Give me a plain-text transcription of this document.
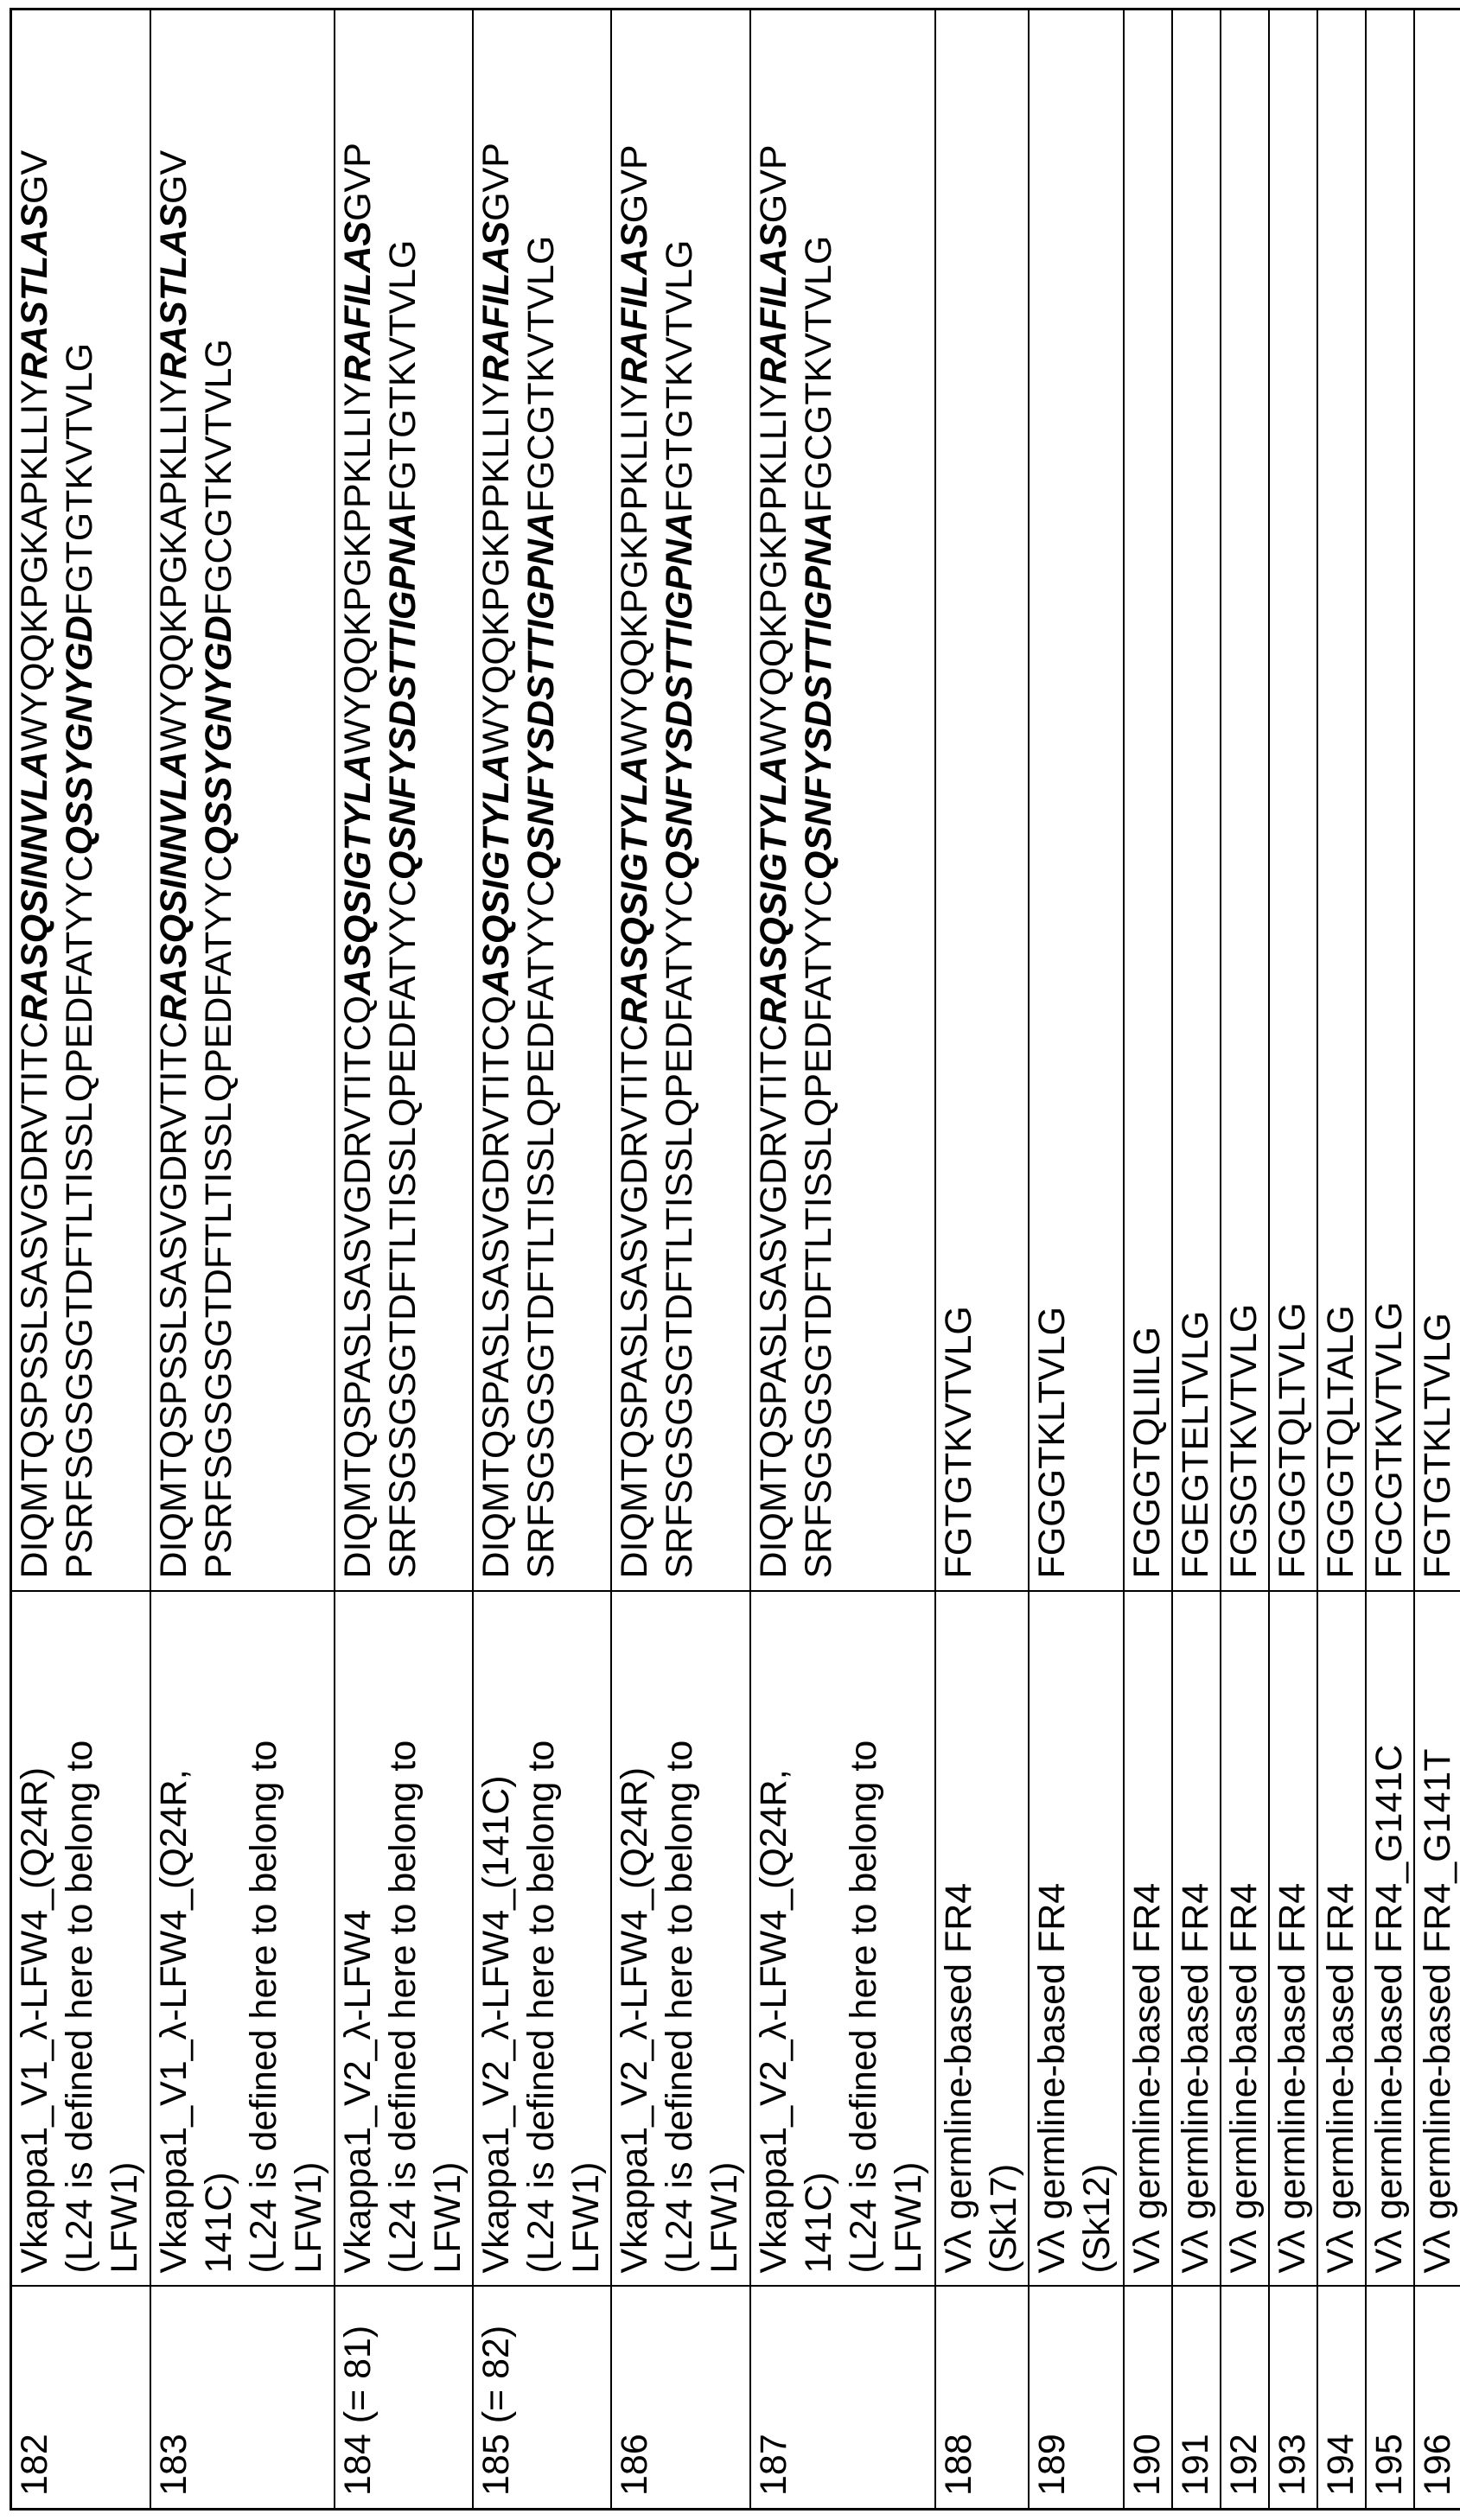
182

Vkappa1_V1_λ-LFW4_(Q24R) (L24 is defined here to belong to LFW1)

DIQMTQSPSSLSASVGDRVTITCRASQSINNVLAWYQQKPGKAPKLLIYRASTLASGV
PSRFSGSGSGTDFTLTISSLQPEDFATYYCQSSYGNYGDFGTGTKVTVLG

183

Vkappa1_V1_λ-LFW4_(Q24R, 141C) (L24 is defined here to belong to LFW1)

DIQMTQSPSSLSASVGDRVTITCRASQSINNVLAWYQQKPGKAPKLLIYRASTLASGV
PSRFSGSGSGTDFTLTISSLQPEDFATYYCQSSYGNYGDFGCGTKVTVLG

184 (= 81)

Vkappa1_V2_λ-LFW4 (L24 is defined here to belong to LFW1)

DIQMTQSPASLSASVGDRVTITCQASQSIGTYLAWYQQKPGKPPKLLIYRAFILASGVP
SRFSGSGSGTDFTLTISSLQPEDFATYYCQSNFYSDSTTIGPNAFGTGTKVTVLG

185 (= 82)

Vkappa1_V2_λ-LFW4_(141C) (L24 is defined here to belong to LFW1)

DIQMTQSPASLSASVGDRVTITCQASQSIGTYLAWYQQKPGKPPKLLIYRAFILASGVP
SRFSGSGSGTDFTLTISSLQPEDFATYYCQSNFYSDSTTIGPNAFGCGTKVTVLG

186

Vkappa1_V2_λ-LFW4_(Q24R) (L24 is defined here to belong to LFW1)

DIQMTQSPASLSASVGDRVTITCRASQSIGTYLAWYQQKPGKPPKLLIYRAFILASGVP
SRFSGSGSGTDFTLTISSLQPEDFATYYCQSNFYSDSTTIGPNAFGTGTKVTVLG

187

Vkappa1_V2_λ-LFW4_(Q24R, 141C) (L24 is defined here to belong to LFW1)

DIQMTQSPASLSASVGDRVTITCRASQSIGTYLAWYQQKPGKPPKLLIYRAFILASGVP
SRFSGSGSGTDFTLTISSLQPEDFATYYCQSNFYSDSTTIGPNAFGCGTKVTVLG

188

Vλ germline-based FR4 (Sk17)

FGTGTKVTVLG

189

Vλ germline-based FR4 (Sk12)

FGGGTKLTVLG

190

Vλ germline-based FR4

FGGGTQLIILG

191

Vλ germline-based FR4

FGEGTELTVLG

192

Vλ germline-based FR4

FGSGTKVTVLG

193

Vλ germline-based FR4

FGGGTQLTVLG

194

Vλ germline-based FR4

FGGGTQLTALG

195

Vλ germline-based FR4_G141C

FGCGTKVTVLG

196

Vλ germline-based FR4_G141T

FGTGTKLTVLG
